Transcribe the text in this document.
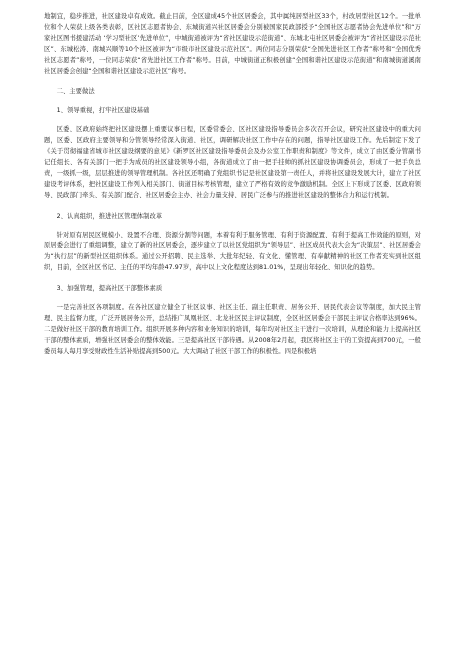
地制宜，稳步推进，社区建设卓有成效。截止目前，全区建成45个社区居委会，其中属纯居型社区33个，村改居型社区12个。一批单位和个人荣获上级各类表彰，区社区志愿者协会、东城街道兴社区居委会分别被国家民政部授予“全国社区志愿者协会先进单位”和“万家社区图书援建活动 ‘学习型社区’先进单位”，中城街道被评为“省社区建设示范街道”、东城北屯社区居委会被评为“省社区建设示范社区”、东城松涛、南城兴顺等10个社区被评为“市级市社区建设示范社区”。两位同志分别荣获“全国先进社区工作者”称号和“全国优秀社区志愿者”称号，一位同志荣获“省先进社区工作者”称号。目前，中城街道正积极创建“全国和谐社区建设示范街道”和南城街道溪南社区居委会创建“全国和谐社区建设示范社区”称号。

二、主要做法

1、领导重视，打牢社区建设基础

区委、区政府始终把社区建设摆上重要议事日程，区委常委会、区社区建设指导委员会多次召开会议，研究社区建设中的重大问题，区委、区政府主要领导和分管领导经常深入街道、社区，调研解决社区工作中存在的问题，指导社区建设工作。先后制定下发了《关于贯彻福建省城市社区建设纲要的意见》《新罗区社区建设指导委员会及办公室工作职责和制度》等文件，成立了由区委分管副书记任组长、各有关部门一把手为成员的社区建设领导小组，各街道成立了由一把手挂帅的抓社区建设协调委员会，形成了一把手负总责，一级抓一级，层层推进的领导管理机制。各社区还明确了党组织书记是社区建设第一责任人，并将社区建设发展大计，建立了社区建设考评体系，把社区建设工作列入相关部门、街道目标考核管理，建立了严格有效的竞争激励机制。全区上下形成了区委、区政府领导、民政部门牵头、有关部门配合、社区居委会主办、社会力量支持、居民广泛参与的推进社区建设的整体合力和运行机制。

2、认真组织，推进社区管理体制改革

针对原有居民区规模小、设置不合理、资源分割等问题，本着有利于服务管理、有利于资源配置、有利于提高工作效能的原则，对原居委会进行了重组调整，建立了新的社区居委会，逐步建立了以社区党组织为“领导层”、社区成员代表大会为“决策层”、社区居委会为“执行层”的新型社区组织体系。通过公开招聘、民主选举、大批年纪轻、有文化、懂管理、有奉献精神的社区工作者充实到社区组织，目前，全区社区书记、主任的平均年龄47.97岁，高中以上文化程度达到81.01%，呈现出年轻化、知识化的趋势。

3、加强管理，提高社区干部整体素质

一是完善社区各项制度。在各社区建立健全了社区议事、社区主任、副主任职责、居务公开、居民代表会议等制度，加大民主管理、民主监督力度，广泛开展居务公开，总结推广凤凰社区、北龙社区民主评议制度，全区社区居委会干部民主评议合格率达到96%。二是做好社区干部的教育培训工作。组织开展多种内容和业务知识的培训，每年均对社区主干进行一次培训，从理论和能力上提高社区干部的整体素质，增强社区居委会的整体效能。三是提高社区干部待遇。从2008年2月起，我区将社区主干的工资提高到700元，一般委员每人每月享受财政性生活补贴提高到500元。大大调动了社区干部工作的积极性。四是积极培
